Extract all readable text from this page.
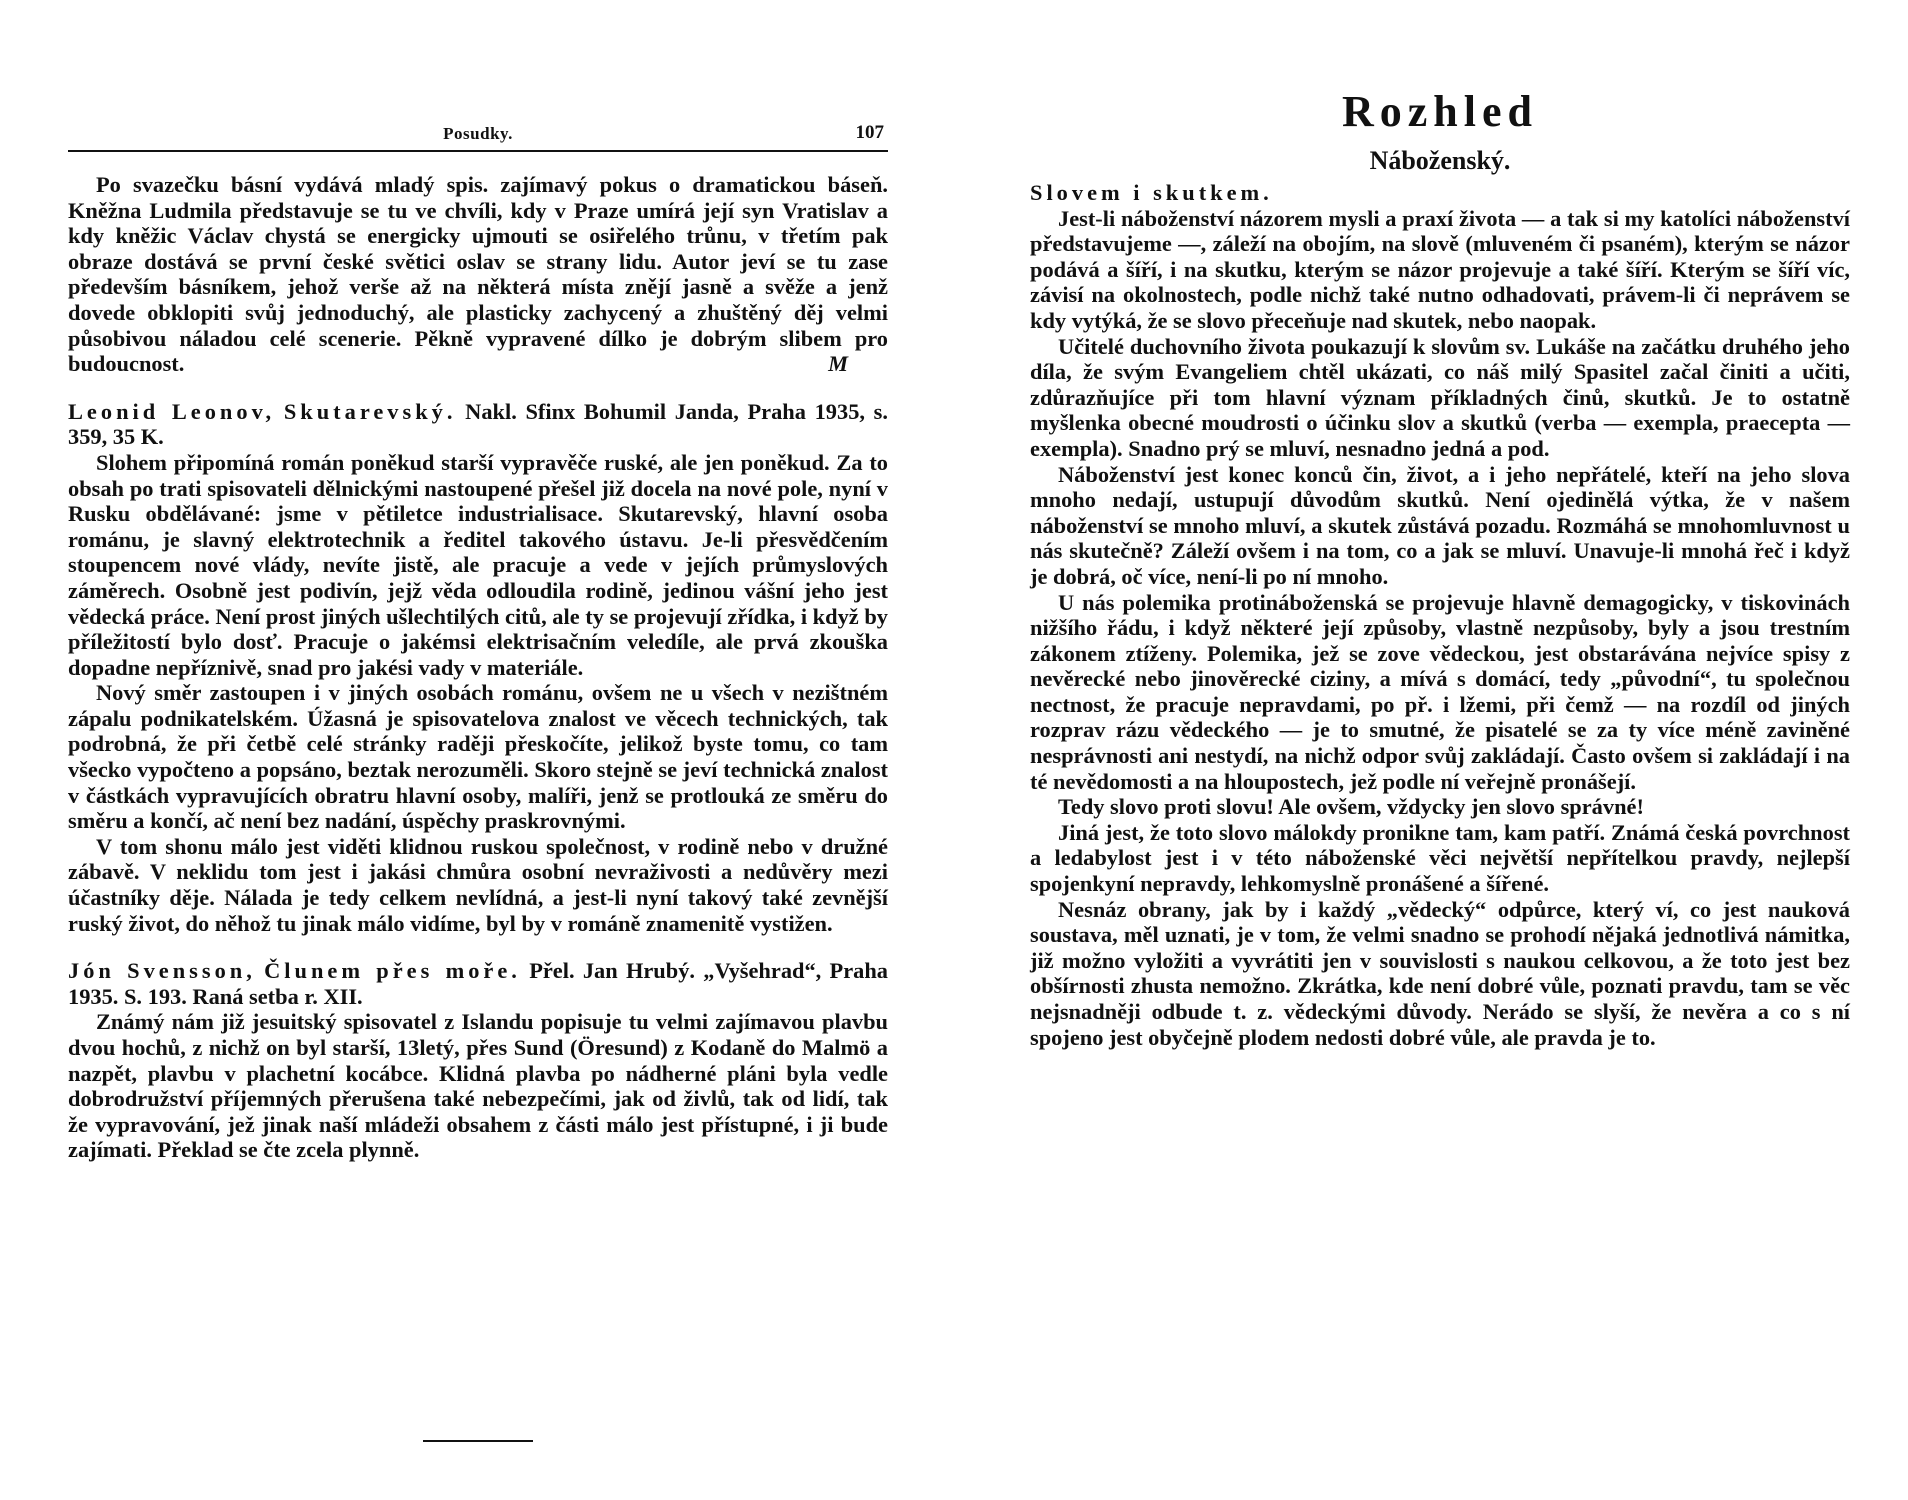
Posudky.	107

Po svazečku básní vydává mladý spis. zajímavý pokus o dramatickou báseň. Kněžna Ludmila představuje se tu ve chvíli, kdy v Praze umírá její syn Vratislav a kdy kněžic Václav chystá se energicky ujmouti se osiřelého trůnu, v třetím pak obraze dostává se první české světici oslav se strany lidu. Autor jeví se tu zase především básníkem, jehož verše až na některá místa znějí jasně a svěže a jenž dovede obklopiti svůj jednoduchý, ale plasticky zachycený a zhuštěný děj velmi působivou náladou celé scenerie. Pěkně vypravené dílko je dobrým slibem pro budoucnost.	M

Leonid Leonov, Skutarevský. Nakl. Sfinx Bohumil Janda, Praha 1935, s. 359, 35 K.

Slohem připomíná román poněkud starší vypravěče ruské, ale jen poněkud. Za to obsah po trati spisovateli dělnickými nastoupené přešel již docela na nové pole, nyní v Rusku obdělávané: jsme v pětiletce industrialisace. Skutarevský, hlavní osoba románu, je slavný elektrotechnik a ředitel takového ústavu. Je-li přesvědčením stoupencem nové vlády, nevíte jistě, ale pracuje a vede v jejích průmyslových záměrech. Osobně jest podivín, jejž věda odloudila rodině, jedinou vášní jeho jest vědecká práce. Není prost jiných ušlechtilých citů, ale ty se projevují zřídka, i když by příležitostí bylo dosť. Pracuje o jakémsi elektrisačním veledíle, ale prvá zkouška dopadne nepříznivě, snad pro jakési vady v materiále.

Nový směr zastoupen i v jiných osobách románu, ovšem ne u všech v nezištném zápalu podnikatelském. Úžasná je spisovatelova znalost ve věcech technických, tak podrobná, že při četbě celé stránky raději přeskočíte, jelikož byste tomu, co tam všecko vypočteno a popsáno, beztak nerozuměli. Skoro stejně se jeví technická znalost v částkách vypravujících obratru hlavní osoby, malíři, jenž se protlouká ze směru do směru a končí, ač není bez nadání, úspěchy praskrovnými.

V tom shonu málo jest viděti klidnou ruskou společnost, v rodině nebo v družné zábavě. V neklidu tom jest i jakási chmůra osobní nevraživosti a nedůvěry mezi účastníky děje. Nálada je tedy celkem nevlídná, a jest-li nyní takový také zevnější ruský život, do něhož tu jinak málo vidíme, byl by v románě znamenitě vystižen.

Jón Svensson, Člunem přes moře. Přel. Jan Hrubý. „Vyšehrad“, Praha 1935. S. 193. Raná setba r. XII.

Známý nám již jesuitský spisovatel z Islandu popisuje tu velmi zajímavou plavbu dvou hochů, z nichž on byl starší, 13letý, přes Sund (Öresund) z Kodaně do Malmö a nazpět, plavbu v plachetní kocábce. Klidná plavba po nádherné pláni byla vedle dobrodružství příjemných přerušena také nebezpečími, jak od živlů, tak od lidí, tak že vypravování, jež jinak naší mládeži obsahem z části málo jest přístupné, i ji bude zajímati. Překlad se čte zcela plynně.

Rozhled
Náboženský.

Slovem i skutkem.

Jest-li náboženství názorem mysli a praxí života — a tak si my katolíci náboženství představujeme —, záleží na obojím, na slově (mluveném či psaném), kterým se názor podává a šíří, i na skutku, kterým se názor projevuje a také šíří. Kterým se šíří víc, závisí na okolnostech, podle nichž také nutno odhadovati, právem-li či neprávem se kdy vytýká, že se slovo přeceňuje nad skutek, nebo naopak.

Učitelé duchovního života poukazují k slovům sv. Lukáše na začátku druhého jeho díla, že svým Evangeliem chtěl ukázati, co náš milý Spasitel začal činiti a učiti, zdůrazňujíce při tom hlavní význam příkladných činů, skutků. Je to ostatně myšlenka obecné moudrosti o účinku slov a skutků (verba — exempla, praecepta — exempla). Snadno prý se mluví, nesnadno jedná a pod.

Náboženství jest konec konců čin, život, a i jeho nepřátelé, kteří na jeho slova mnoho nedají, ustupují důvodům skutků. Není ojedinělá výtka, že v našem náboženství se mnoho mluví, a skutek zůstává pozadu. Rozmáhá se mnohomluvnost u nás skutečně? Záleží ovšem i na tom, co a jak se mluví. Unavuje-li mnohá řeč i když je dobrá, oč více, není-li po ní mnoho.

U nás polemika protináboženská se projevuje hlavně demagogicky, v tiskovinách nižšího řádu, i když některé její způsoby, vlastně nezpůsoby, byly a jsou trestním zákonem ztíženy. Polemika, jež se zove vědeckou, jest obstarávána nejvíce spisy z nevěrecké nebo jinověrecké ciziny, a mívá s domácí, tedy „původní“, tu společnou nectnost, že pracuje nepravdami, po př. i lžemi, při čemž — na rozdíl od jiných rozprav rázu vědeckého — je to smutné, že pisatelé se za ty více méně zaviněné nesprávnosti ani nestydí, na nichž odpor svůj zakládají. Často ovšem si zakládají i na té nevědomosti a na hloupostech, jež podle ní veřejně pronášejí.

Tedy slovo proti slovu! Ale ovšem, vždycky jen slovo správné!

Jiná jest, že toto slovo málokdy pronikne tam, kam patří. Známá česká povrchnost a ledabylost jest i v této náboženské věci největší nepřítelkou pravdy, nejlepší spojenkyní nepravdy, lehkomyslně pronášené a šířené.

Nesnáz obrany, jak by i každý „vědecký“ odpůrce, který ví, co jest nauková soustava, měl uznati, je v tom, že velmi snadno se prohodí nějaká jednotlivá námitka, již možno vyložiti a vyvrátiti jen v souvislosti s naukou celkovou, a že toto jest bez obšírnosti zhusta nemožno. Zkrátka, kde není dobré vůle, poznati pravdu, tam se věc nejsnadněji odbude t. z. vědeckými důvody. Nerádo se slyší, že nevěra a co s ní spojeno jest obyčejně plodem nedosti dobré vůle, ale pravda je to.
